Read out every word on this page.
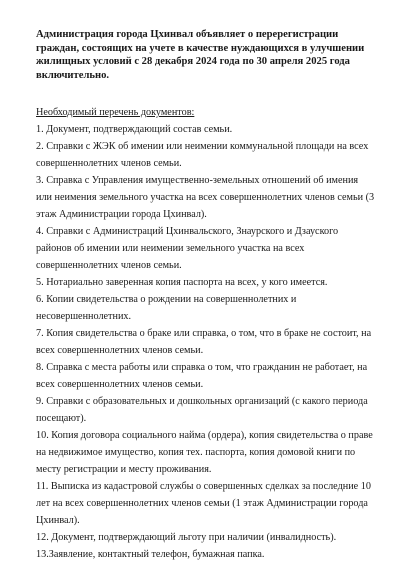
Администрация города Цхинвал объявляет о перерегистрации граждан, состоящих на учете в качестве нуждающихся в улучшении жилищных условий с 28 декабря 2024 года по 30 апреля 2025 года включительно.

Необходимый перечень документов:

1. Документ, подтверждающий состав семьи.
2. Справки с ЖЭК об имении или неимении коммунальной площади на всех совершеннолетних членов семьи.
3. Справка с Управления имущественно-земельных отношений об имения или неимения земельного участка на всех совершеннолетних членов семьи (3 этаж Администрации города Цхинвал).
4. Справки с Администраций Цхинвальского, Знаурского и Дзауского районов об имении или неимении земельного участка на всех совершеннолетних членов семьи.
5. Нотариально заверенная копия паспорта на всех, у кого имеется.
6. Копии свидетельства о рождении на совершеннолетних и несовершеннолетних.
7. Копия свидетельства о браке или справка, о том, что в браке не состоит, на всех совершеннолетних членов семьи.
8. Справка с места работы или справка о том, что гражданин не работает, на всех совершеннолетних членов семьи.
9. Справки с образовательных и дошкольных организаций (с какого периода посещают).
10. Копия договора социального найма (ордера), копия свидетельства о праве на недвижимое имущество, копия тех. паспорта, копия домовой книги по месту регистрации и месту проживания.
11. Выписка из кадастровой службы о совершенных сделках за последние 10 лет на всех совершеннолетних членов семьи (1 этаж Администрации города Цхинвал).
12. Документ, подтверждающий льготу при наличии (инвалидность).
13.Заявление, контактный телефон, бумажная папка.
